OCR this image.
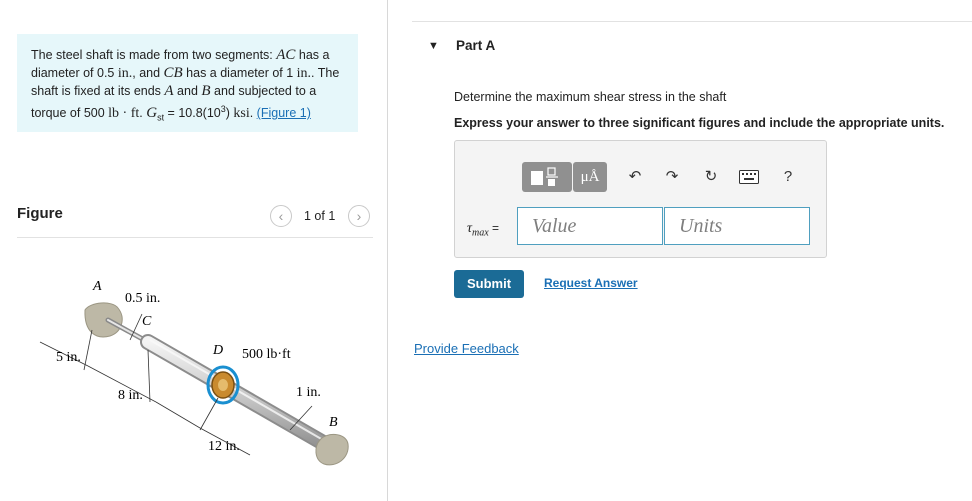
The steel shaft is made from two segments: AC has a
diameter of 0.5 in., and CB has a diameter of 1 in.. The
shaft is fixed at its ends A and B and subjected to a
torque of 500 lb · ft. $G_{st} = 10.8(10^3)$ ksi. (Figure 1)
Figure	‹	1 of 1	›
A
0.5 in.
C
D 500 lb·ft
5 in.
8 in.	1 in.
B
12 in.
▼ Part A
Determine the maximum shear stress in the shaft
Express your answer to three significant figures and include the appropriate units.
μÅ	↶	↷	↻	?
$\tau_{max}$ =	Value	Units
Submit	Request Answer
Provide Feedback
